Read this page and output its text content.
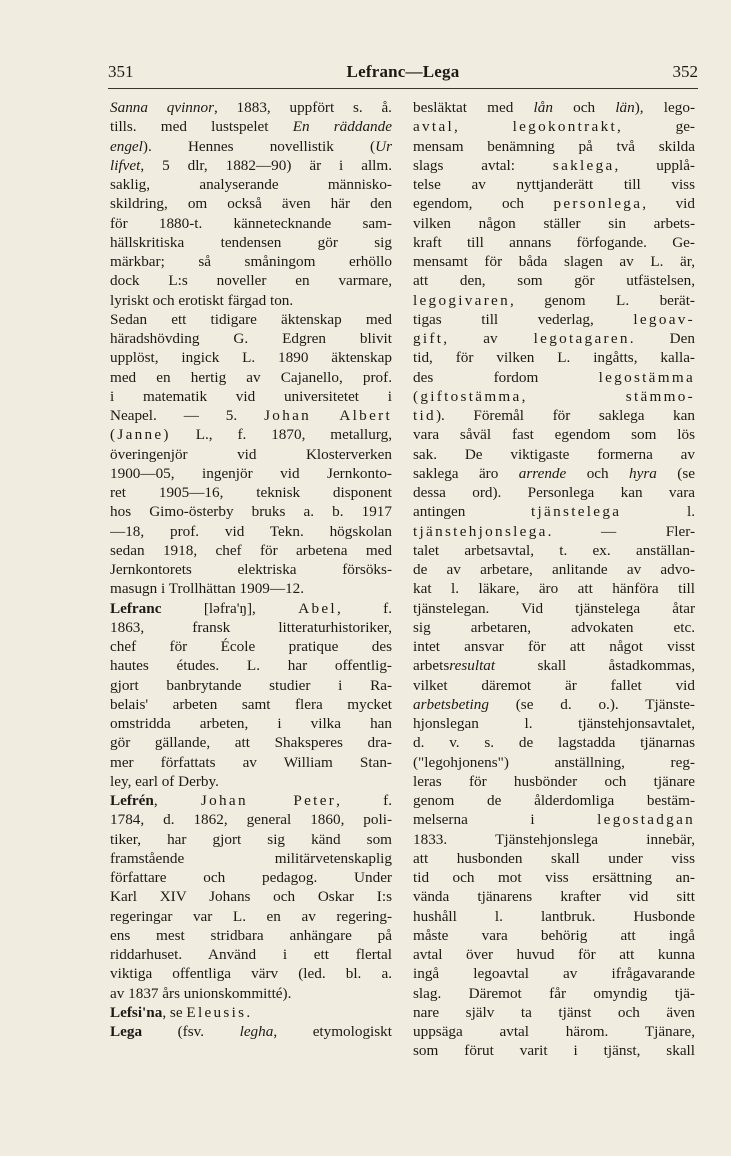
351	Lefranc—Lega	352
Sanna qvinnor, 1883, uppfört s. å.
tills. med lustspelet En räddande
engel). Hennes novellistik (Ur
lifvet, 5 dlr, 1882—90) är i allm.
saklig, analyserande människo-
skildring, om också även här den
för 1880-t. kännetecknande sam-
hällskritiska tendensen gör sig
märkbar; så småningom erhöllo
dock L:s noveller en varmare,
lyriskt och erotiskt färgad ton.
Sedan ett tidigare äktenskap med
häradshövding G. Edgren blivit
upplöst, ingick L. 1890 äktenskap
med en hertig av Cajanello, prof.
i matematik vid universitetet i
Neapel. — 5. Johan Albert
(Janne) L., f. 1870, metallurg,
överingenjör vid Klosterverken
1900—05, ingenjör vid Jernkonto-
ret 1905—16, teknisk disponent
hos Gimo-österby bruks a. b. 1917
—18, prof. vid Tekn. högskolan
sedan 1918, chef för arbetena med
Jernkontorets elektriska försöks-
masugn i Trollhättan 1909—12.
Lefranc [ləfra'ŋ], Abel, f.
1863, fransk litteraturhistoriker,
chef för École pratique des
hautes études. L. har offentlig-
gjort banbrytande studier i Ra-
belais' arbeten samt flera mycket
omstridda arbeten, i vilka han
gör gällande, att Shaksperes dra-
mer författats av William Stan-
ley, earl of Derby.
Lefrén, Johan Peter, f.
1784, d. 1862, general 1860, poli-
tiker, har gjort sig känd som
framstående militärvetenskaplig
författare och pedagog. Under
Karl XIV Johans och Oskar I:s
regeringar var L. en av regering-
ens mest stridbara anhängare på
riddarhuset. Använd i ett flertal
viktiga offentliga värv (led. bl. a.
av 1837 års unionskommitté).
Lefsi'na, se Eleusis.
Lega (fsv. legha, etymologiskt
besläktat med lån och län), lego-
avtal, legokontrakt, ge-
mensam benämning på två skilda
slags avtal: saklega, upplå-
telse av nyttjanderätt till viss
egendom, och personlega, vid
vilken någon ställer sin arbets-
kraft till annans förfogande. Ge-
mensamt för båda slagen av L. är,
att den, som gör utfästelsen,
legogivaren, genom L. berät-
tigas till vederlag, legoav-
gift, av legotagaren. Den
tid, för vilken L. ingåtts, kalla-
des fordom legostämma
(giftostämma, stämmo-
tid). Föremål för saklega kan
vara såväl fast egendom som lös
sak. De viktigaste formerna av
saklega äro arrende och hyra (se
dessa ord). Personlega kan vara
antingen tjänstelega l.
tjänstehjonslega. — Fler-
talet arbetsavtal, t. ex. anställan-
de av arbetare, anlitande av advo-
kat l. läkare, äro att hänföra till
tjänstelegan. Vid tjänstelega åtar
sig arbetaren, advokaten etc.
intet ansvar för att något visst
arbetsresultat skall åstadkommas,
vilket däremot är fallet vid
arbetsbeting (se d. o.). Tjänste-
hjonslegan l. tjänstehjonsavtalet,
d. v. s. de lagstadda tjänarnas
("legohjonens") anställning, reg-
leras för husbönder och tjänare
genom de ålderdomliga bestäm-
melserna i legostadgan
1833. Tjänstehjonslega innebär,
att husbonden skall under viss
tid och mot viss ersättning an-
vända tjänarens krafter vid sitt
hushåll l. lantbruk. Husbonde
måste vara behörig att ingå
avtal över huvud för att kunna
ingå legoavtal av ifrågavarande
slag. Däremot får omyndig tjä-
nare själv ta tjänst och även
uppsäga avtal härom. Tjänare,
som förut varit i tjänst, skall
